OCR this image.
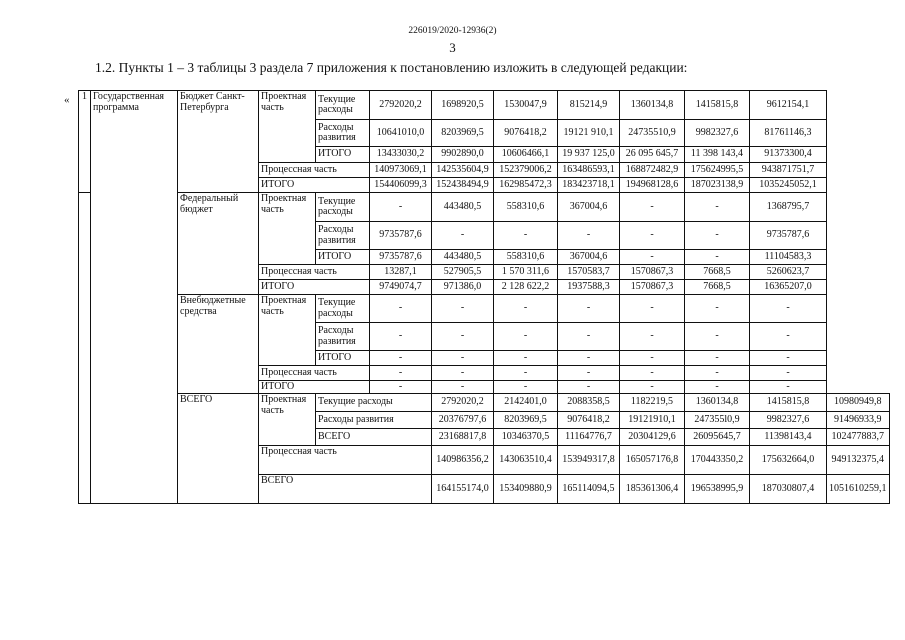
226019/2020-12936(2)
3
1.2. Пункты 1 – 3 таблицы 3 раздела 7 приложения к постановлению изложить в следующей редакции:
« 1	Государственная программа	Бюджет Санкт-Петербурга	Проектная часть	Текущие расходы	2792020,2	1698920,5	1530047,9	815214,9	1360134,8	1415815,8	9612154,1	
				Расходы развития	10641010,0	8203969,5	9076418,2	19121 910,1	24735510,9	9982327,6	81761146,3	
				ИТОГО	13433030,2	9902890,0	10606466,1	19 937 125,0	26 095 645,7	11 398 143,4	91373300,4	
			Процессная часть		140973069,1	142535604,9	152379006,2	163486593,1	168872482,9	175624995,5	943871751,7	
			ИТОГО		154406099,3	152438494,9	162985472,3	183423718,1	194968128,6	187023138,9	1035245052,1	
		Федеральный бюджет	Проектная часть	Текущие расходы	-	443480,5	558310,6	367004,6	-	-	1368795,7	
				Расходы развития	9735787,6	-	-	-	-	-	9735787,6	
				ИТОГО	9735787,6	443480,5	558310,6	367004,6	-	-	11104583,3	
			Процессная часть		13287,1	527905,5	1 570 311,6	1570583,7	1570867,3	7668,5	5260623,7	
			ИТОГО		9749074,7	971386,0	2 128 622,2	1937588,3	1570867,3	7668,5	16365207,0	
		Внебюджетные средства	Проектная часть	Текущие расходы	-	-	-	-	-	-	-	
				Расходы развития	-	-	-	-	-	-	-	
				ИТОГО	-	-	-	-	-	-	-	
			Процессная часть		-	-	-	-	-	-	-	
			ИТОГО		-	-	-	-	-	-	-	
		ВСЕГО	Проектная часть	Текущие расходы		2792020,2	2142401,0	2088358,5	1182219,5	1360134,8	1415815,8	10980949,8
				Расходы развития		20376797,6	8203969,5	9076418,2	19121910,1	247355l0,9	9982327,6	91496933,9
				ВСЕГО		23168817,8	10346370,5	11164776,7	20304129,6	26095645,7	11398143,4	102477883,7
			Процессная часть			140986356,2	143063510,4	153949317,8	165057176,8	170443350,2	175632664,0	949132375,4
			ВСЕГО			164155174,0	153409880,9	165114094,5	185361306,4	196538995,9	187030807,4	1051610259,1
